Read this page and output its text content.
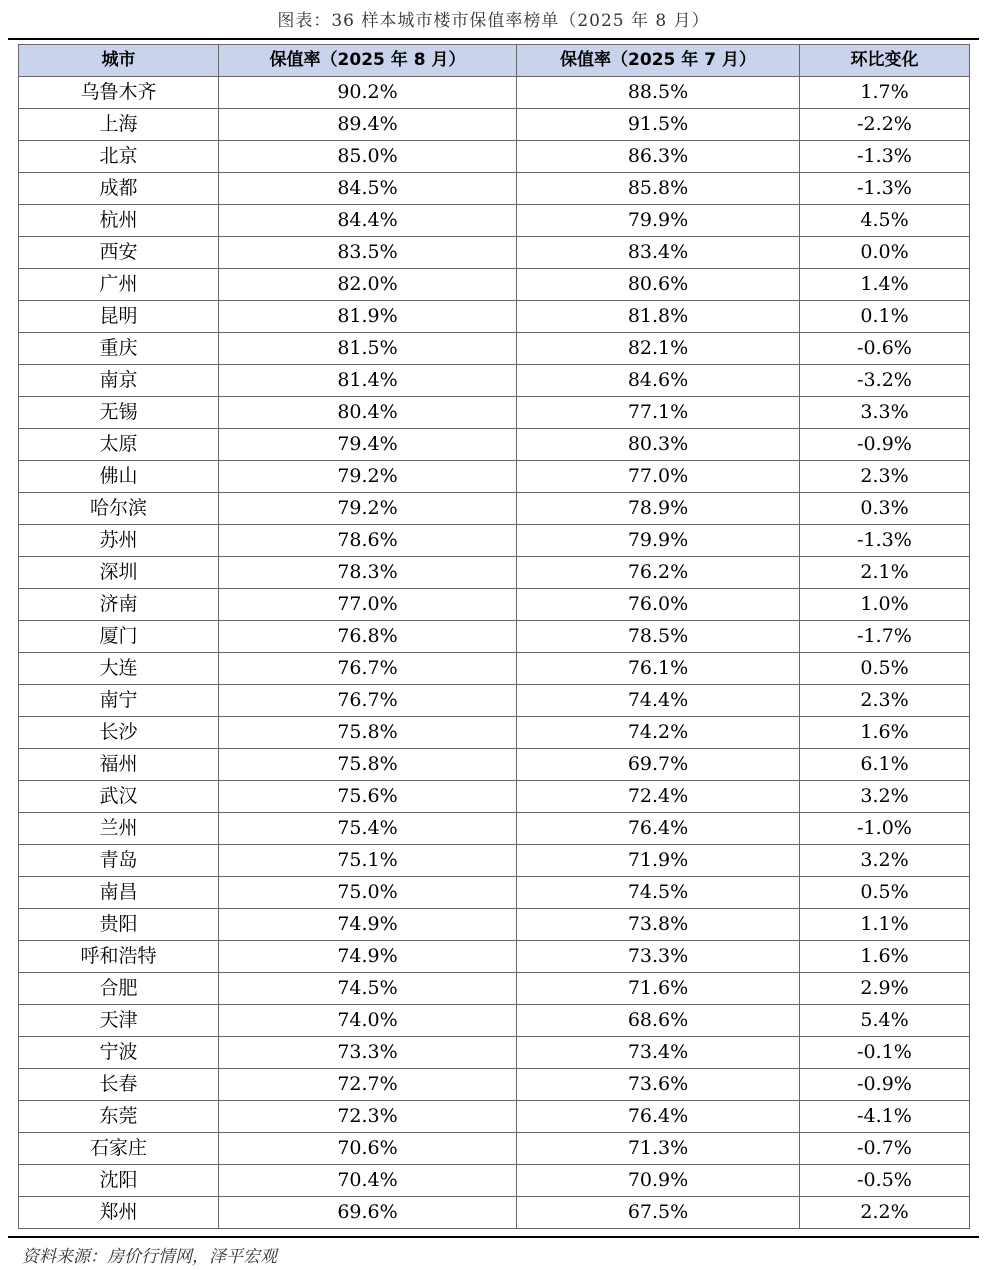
图表：36 样本城市楼市保值率榜单（2025 年 8 月）
城市	保值率（2025 年 8 月）	保值率（2025 年 7 月）	环比变化
乌鲁木齐	90.2%	88.5%	1.7%
上海	89.4%	91.5%	-2.2%
北京	85.0%	86.3%	-1.3%
成都	84.5%	85.8%	-1.3%
杭州	84.4%	79.9%	4.5%
西安	83.5%	83.4%	0.0%
广州	82.0%	80.6%	1.4%
昆明	81.9%	81.8%	0.1%
重庆	81.5%	82.1%	-0.6%
南京	81.4%	84.6%	-3.2%
无锡	80.4%	77.1%	3.3%
太原	79.4%	80.3%	-0.9%
佛山	79.2%	77.0%	2.3%
哈尔滨	79.2%	78.9%	0.3%
苏州	78.6%	79.9%	-1.3%
深圳	78.3%	76.2%	2.1%
济南	77.0%	76.0%	1.0%
厦门	76.8%	78.5%	-1.7%
大连	76.7%	76.1%	0.5%
南宁	76.7%	74.4%	2.3%
长沙	75.8%	74.2%	1.6%
福州	75.8%	69.7%	6.1%
武汉	75.6%	72.4%	3.2%
兰州	75.4%	76.4%	-1.0%
青岛	75.1%	71.9%	3.2%
南昌	75.0%	74.5%	0.5%
贵阳	74.9%	73.8%	1.1%
呼和浩特	74.9%	73.3%	1.6%
合肥	74.5%	71.6%	2.9%
天津	74.0%	68.6%	5.4%
宁波	73.3%	73.4%	-0.1%
长春	72.7%	73.6%	-0.9%
东莞	72.3%	76.4%	-4.1%
石家庄	70.6%	71.3%	-0.7%
沈阳	70.4%	70.9%	-0.5%
郑州	69.6%	67.5%	2.2%
资料来源：房价行情网，泽平宏观
